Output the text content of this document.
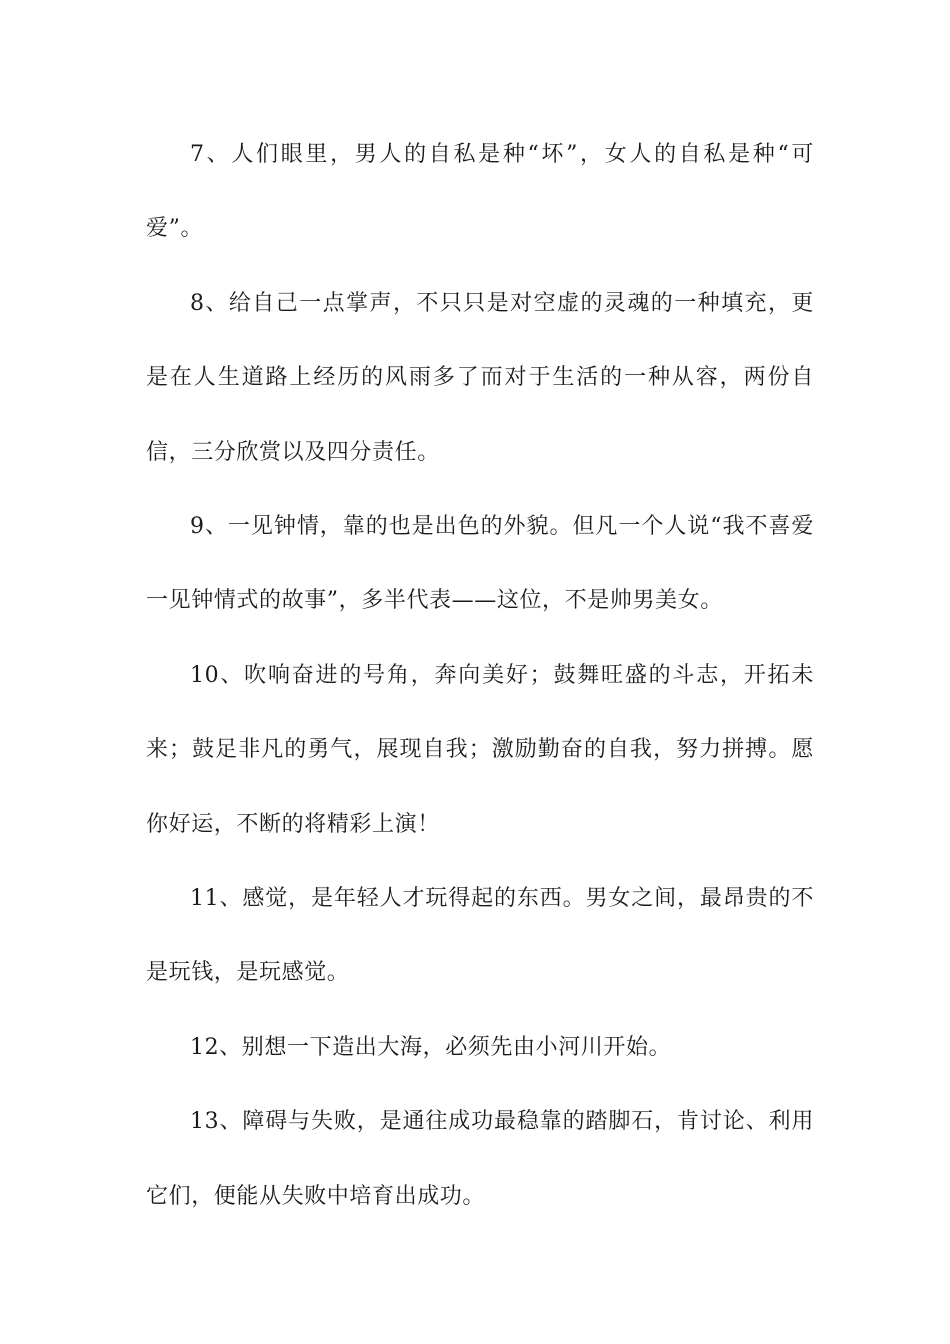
7、人们眼里，男人的自私是种“坏”，女人的自私是种“可爱”。

8、给自己一点掌声，不只只是对空虚的灵魂的一种填充，更是在人生道路上经历的风雨多了而对于生活的一种从容，两份自信，三分欣赏以及四分责任。

9、一见钟情，靠的也是出色的外貌。但凡一个人说“我不喜爱一见钟情式的故事”，多半代表——这位，不是帅男美女。

10、吹响奋进的号角，奔向美好；鼓舞旺盛的斗志，开拓未来；鼓足非凡的勇气，展现自我；激励勤奋的自我，努力拼搏。愿你好运，不断的将精彩上演！

11、感觉，是年轻人才玩得起的东西。男女之间，最昂贵的不是玩钱，是玩感觉。

12、别想一下造出大海，必须先由小河川开始。

13、障碍与失败，是通往成功最稳靠的踏脚石，肯讨论、利用它们，便能从失败中培育出成功。
